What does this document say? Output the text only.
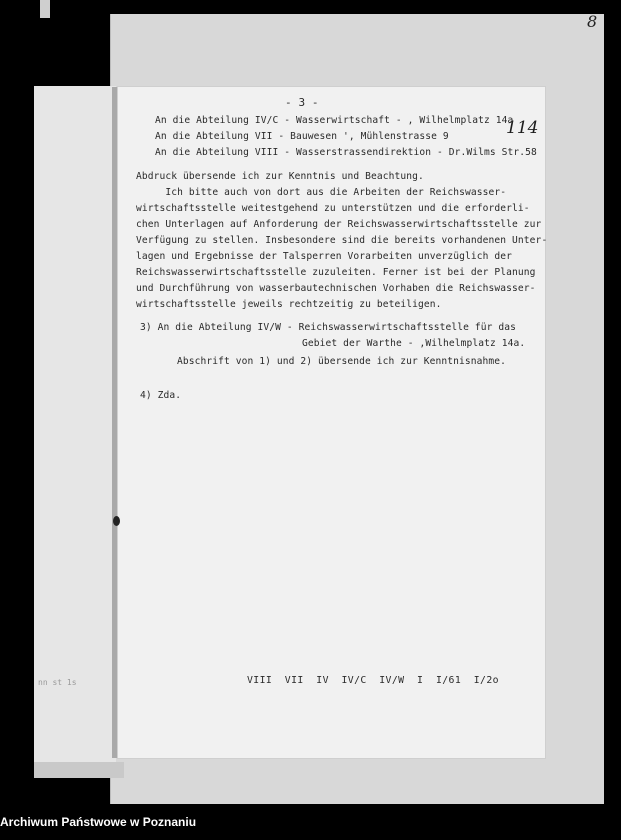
nn st 1s
8
- 3 -
114
An die Abteilung IV/C - Wasserwirtschaft - , Wilhelmplatz 14a
An die Abteilung VII - Bauwesen ', Mühlenstrasse 9
An die Abteilung VIII - Wasserstrassendirektion - Dr.Wilms Str.58
Abdruck übersende ich zur Kenntnis und Beachtung.
Ich bitte auch von dort aus die Arbeiten der Reichswasser-
wirtschaftsstelle weitestgehend zu unterstützen und die erforderli-
chen Unterlagen auf Anforderung der Reichswasserwirtschaftsstelle zur
Verfügung zu stellen. Insbesondere sind die bereits vorhandenen Unter-
lagen und Ergebnisse der Talsperren Vorarbeiten unverzüglich der
Reichswasserwirtschaftsstelle zuzuleiten. Ferner ist bei der Planung
und Durchführung von wasserbautechnischen Vorhaben die Reichswasser-
wirtschaftsstelle jeweils rechtzeitig zu beteiligen.
3) An die Abteilung IV/W - Reichswasserwirtschaftsstelle für das
Gebiet der Warthe - ,Wilhelmplatz 14a.
Abschrift von 1) und 2) übersende ich zur Kenntnisnahme.
4) Zda.
VIII  VII  IV  IV/C  IV/W  I  I/61  I/2o
Archiwum Państwowe w Poznaniu
